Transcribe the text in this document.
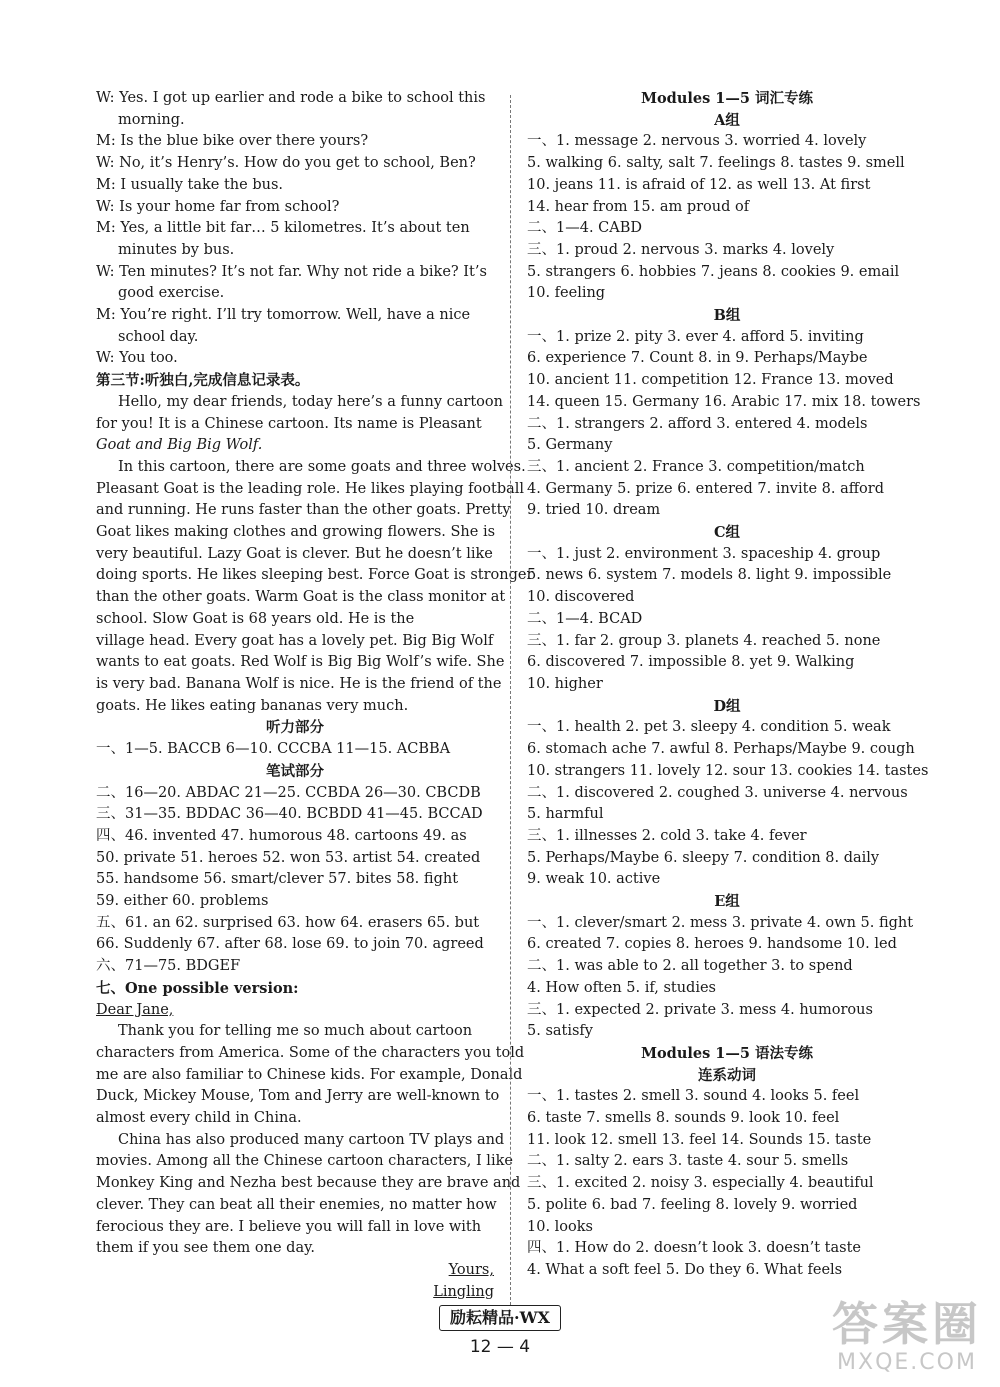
W: Yes. I got up earlier and rode a bike to school this
morning.
M: Is the blue bike over there yours?
W: No, it’s Henry’s. How do you get to school, Ben?
M: I usually take the bus.
W: Is your home far from school?
M: Yes, a little bit far… 5 kilometres. It’s about ten
minutes by bus.
W: Ten minutes? It’s not far. Why not ride a bike? It’s
good exercise.
M: You’re right. I’ll try tomorrow. Well, have a nice
school day.
W: You too.
第三节:听独白,完成信息记录表。
Hello, my dear friends, today here’s a funny cartoon
for you! It is a Chinese cartoon. Its name is Pleasant
Goat and Big Big Wolf.
In this cartoon, there are some goats and three wolves.
Pleasant Goat is the leading role. He likes playing football
and running. He runs faster than the other goats. Pretty
Goat likes making clothes and growing flowers. She is
very beautiful. Lazy Goat is clever. But he doesn’t like
doing sports. He likes sleeping best. Force Goat is stronger
than the other goats. Warm Goat is the class monitor at
school. Slow Goat is 68 years old. He is the
village head. Every goat has a lovely pet. Big Big Wolf
wants to eat goats. Red Wolf is Big Big Wolf’s wife. She
is very bad. Banana Wolf is nice. He is the friend of the
goats. He likes eating bananas very much.
听力部分
一、1—5. BACCB 6—10. CCCBA 11—15. ACBBA
笔试部分
二、16—20. ABDAC 21—25. CCBDA 26—30. CBCDB
三、31—35. BDDAC 36—40. BCBDD 41—45. BCCAD
四、46. invented 47. humorous 48. cartoons 49. as
50. private 51. heroes 52. won 53. artist 54. created
55. handsome 56. smart/clever 57. bites 58. fight
59. either 60. problems
五、61. an 62. surprised 63. how 64. erasers 65. but
66. Suddenly 67. after 68. lose 69. to join 70. agreed
六、71—75. BDGEF
七、One possible version:
Dear Jane,
Thank you for telling me so much about cartoon
characters from America. Some of the characters you told
me are also familiar to Chinese kids. For example, Donald
Duck, Mickey Mouse, Tom and Jerry are well-known to
almost every child in China.
China has also produced many cartoon TV plays and
movies. Among all the Chinese cartoon characters, I like
Monkey King and Nezha best because they are brave and
clever. They can beat all their enemies, no matter how
ferocious they are. I believe you will fall in love with
them if you see them one day.
Yours,
Lingling
Modules 1—5 词汇专练
A组
一、1. message 2. nervous 3. worried 4. lovely
5. walking 6. salty, salt 7. feelings 8. tastes 9. smell
10. jeans 11. is afraid of 12. as well 13. At first
14. hear from 15. am proud of
二、1—4. CABD
三、1. proud 2. nervous 3. marks 4. lovely
5. strangers 6. hobbies 7. jeans 8. cookies 9. email
10. feeling
B组
一、1. prize 2. pity 3. ever 4. afford 5. inviting
6. experience 7. Count 8. in 9. Perhaps/Maybe
10. ancient 11. competition 12. France 13. moved
14. queen 15. Germany 16. Arabic 17. mix 18. towers
二、1. strangers 2. afford 3. entered 4. models
5. Germany
三、1. ancient 2. France 3. competition/match
4. Germany 5. prize 6. entered 7. invite 8. afford
9. tried 10. dream
C组
一、1. just 2. environment 3. spaceship 4. group
5. news 6. system 7. models 8. light 9. impossible
10. discovered
二、1—4. BCAD
三、1. far 2. group 3. planets 4. reached 5. none
6. discovered 7. impossible 8. yet 9. Walking
10. higher
D组
一、1. health 2. pet 3. sleepy 4. condition 5. weak
6. stomach ache 7. awful 8. Perhaps/Maybe 9. cough
10. strangers 11. lovely 12. sour 13. cookies 14. tastes
二、1. discovered 2. coughed 3. universe 4. nervous
5. harmful
三、1. illnesses 2. cold 3. take 4. fever
5. Perhaps/Maybe 6. sleepy 7. condition 8. daily
9. weak 10. active
E组
一、1. clever/smart 2. mess 3. private 4. own 5. fight
6. created 7. copies 8. heroes 9. handsome 10. led
二、1. was able to 2. all together 3. to spend
4. How often 5. if, studies
三、1. expected 2. private 3. mess 4. humorous
5. satisfy
Modules 1—5 语法专练
连系动词
一、1. tastes 2. smell 3. sound 4. looks 5. feel
6. taste 7. smells 8. sounds 9. look 10. feel
11. look 12. smell 13. feel 14. Sounds 15. taste
二、1. salty 2. ears 3. taste 4. sour 5. smells
三、1. excited 2. noisy 3. especially 4. beautiful
5. polite 6. bad 7. feeling 8. lovely 9. worried
10. looks
四、1. How do 2. doesn’t look 3. doesn’t taste
4. What a soft feel 5. Do they 6. What feels
励耘精品·WX
12 — 4	答案圈
MXQE.COM
